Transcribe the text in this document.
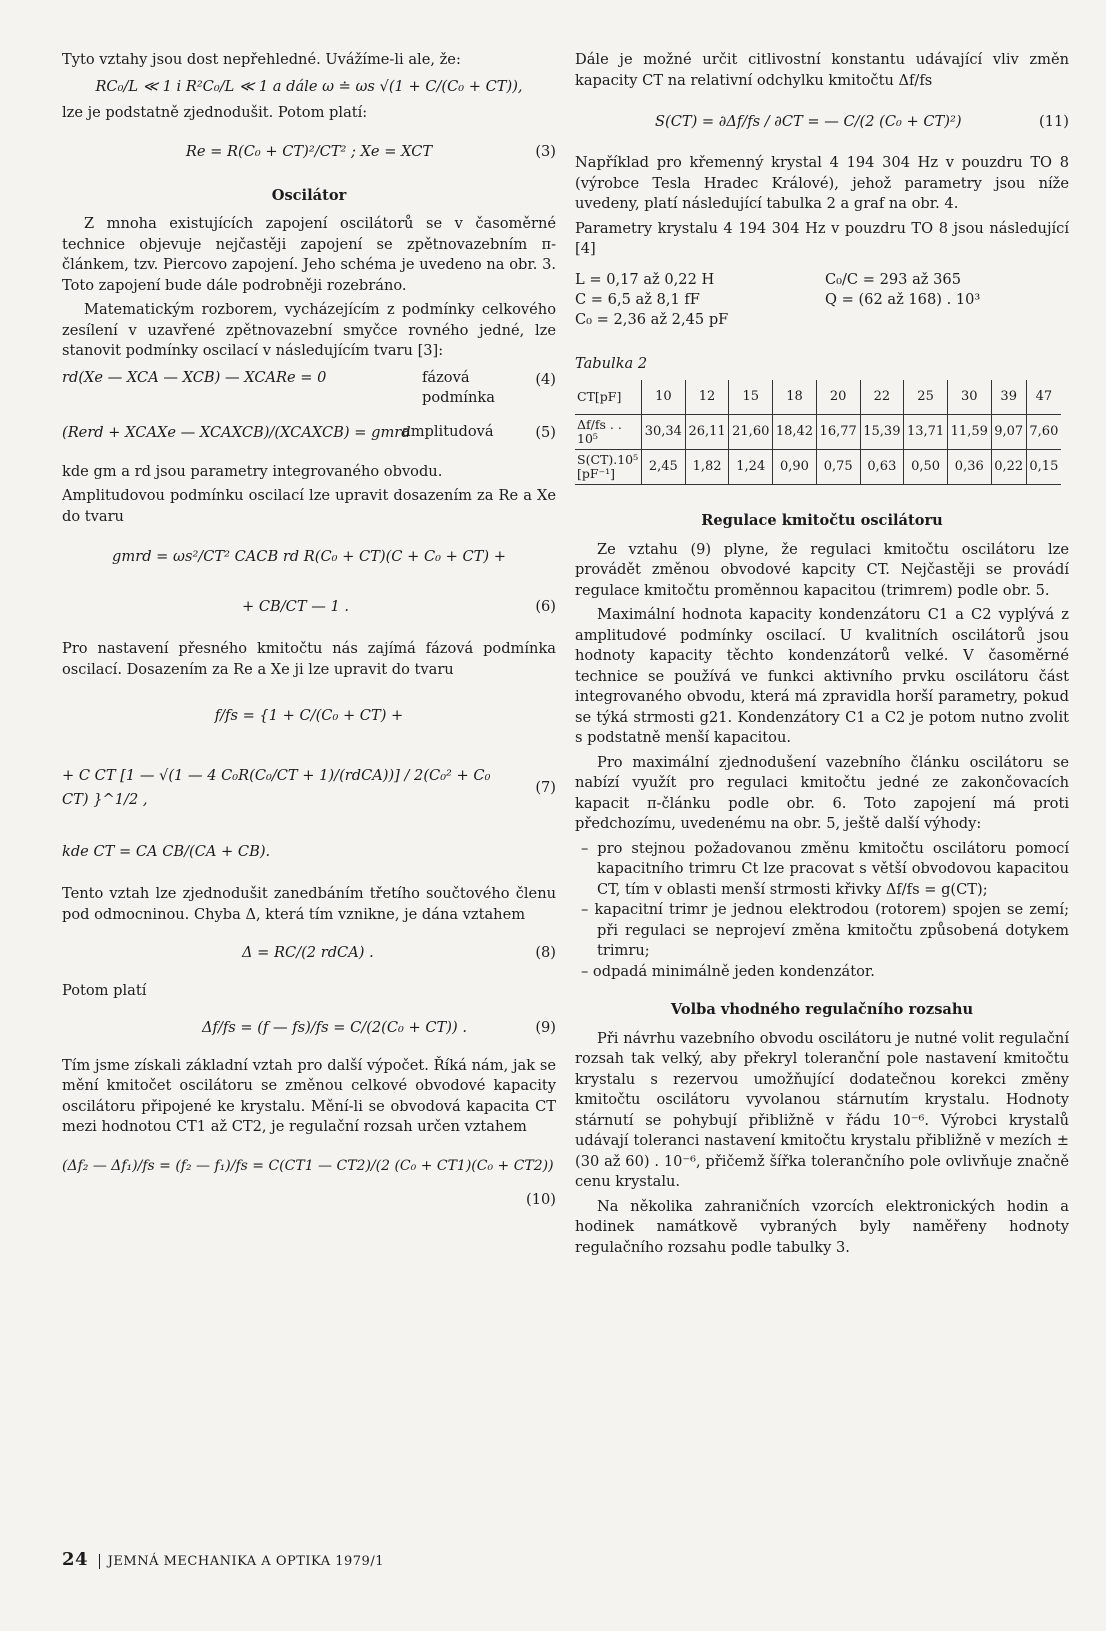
Tyto vztahy jsou dost nepřehledné. Uvážíme-li ale, že:

RC₀/L ≪ 1 i R²C₀/L ≪ 1 a dále ω ≐ ωs √(1 + C/(C₀ + CT)),

lze je podstatně zjednodušit. Potom platí:

Re = R(C₀ + CT)²/CT² ; Xe = XCT	(3)
Oscilátor

Z mnoha existujících zapojení oscilátorů se v časoměrné technice objevuje nejčastěji zapojení se zpětnovazebním π-článkem, tzv. Piercovo zapojení. Jeho schéma je uvedeno na obr. 3. Toto zapojení bude dále podrobněji rozebráno.

Matematickým rozborem, vycházejícím z podmínky celkového zesílení v uzavřené zpětnovazební smyčce rovného jedné, lze stanovit podmínky oscilací v následujícím tvaru [3]:

rd(Xe — XCA — XCB) — XCARe = 0	fázová podmínka
(4)
(Rerd + XCAXe — XCAXCB)/(XCAXCB) = gmrd
amplitudová	(5)

kde gm a rd jsou parametry integrovaného obvodu.

Amplitudovou podmínku oscilací lze upravit dosazením za Re a Xe do tvaru

gmrd = ωs²/CT² CACB rd R(C₀ + CT)(C + C₀ + CT) +
+ CB/CT — 1 .	(6)

Pro nastavení přesného kmitočtu nás zajímá fázová podmínka oscilací. Dosazením za Re a Xe ji lze upravit do tvaru

f/fs = {1 + C/(C₀ + CT) +
+ C CT [1 — √(1 — 4 C₀R(C₀/CT + 1)/(rdCA))] / 2(C₀² + C₀ CT) }^1/2 ,
(7)
kde CT = CA CB/(CA + CB).

Tento vztah lze zjednodušit zanedbáním třetího součtového členu pod odmocninou. Chyba Δ, která tím vznikne, je dána vztahem

Δ = RC/(2 rdCA) .	(8)

Potom platí

Δf/fs = (f — fs)/fs = C/(2(C₀ + CT)) .	(9)

Tím jsme získali základní vztah pro další výpočet. Říká nám, jak se mění kmitočet oscilátoru se změnou celkové obvodové kapacity oscilátoru připojené ke krystalu. Mění-li se obvodová kapacita CT mezi hodnotou CT1 až CT2, je regulační rozsah určen vztahem

(Δf₂ — Δf₁)/fs = (f₂ — f₁)/fs = C(CT1 — CT2)/(2 (C₀ + CT1)(C₀ + CT2))
(10)

Dále je možné určit citlivostní konstantu udávající vliv změn kapacity CT na relativní odchylku kmitočtu Δf/fs

S(CT) = ∂Δf/fs / ∂CT = — C/(2 (C₀ + CT)²)	(11)

Například pro křemenný krystal 4 194 304 Hz v pouzdru TO 8 (výrobce Tesla Hradec Králové), jehož parametry jsou níže uvedeny, platí následující tabulka 2 a graf na obr. 4.

Parametry krystalu 4 194 304 Hz v pouzdru TO 8 jsou následující [4]

L = 0,17 až 0,22 H	C₀/C = 293 až 365
C = 6,5 až 8,1 fF	Q = (62 až 168) . 10³
C₀ = 2,36 až 2,45 pF
Tabulka 2
CT[pF]	10	12	15	18	20	22	25	30	39	47
Δf/fs . . 10⁵	30,34	26,11	21,60	18,42	16,77	15,39	13,71	11,59	9,07	7,60
S(CT).10⁵ [pF⁻¹]	2,45	1,82	1,24	0,90	0,75	0,63	0,50	0,36	0,22	0,15
Regulace kmitočtu oscilátoru

Ze vztahu (9) plyne, že regulaci kmitočtu oscilátoru lze provádět změnou obvodové kapcity CT. Nejčastěji se provádí regulace kmitočtu proměnnou kapacitou (trimrem) podle obr. 5.

Maximální hodnota kapacity kondenzátoru C1 a C2 vyplývá z amplitudové podmínky oscilací. U kvalitních oscilátorů jsou hodnoty kapacity těchto kondenzátorů velké. V časoměrné technice se používá ve funkci aktivního prvku oscilátoru část integrovaného obvodu, která má zpravidla horší parametry, pokud se týká strmosti g21. Kondenzátory C1 a C2 je potom nutno zvolit s podstatně menší kapacitou.

Pro maximální zjednodušení vazebního článku oscilátoru se nabízí využít pro regulaci kmitočtu jedné ze zakončovacích kapacit π-článku podle obr. 6. Toto zapojení má proti předchozímu, uvedenému na obr. 5, ještě další výhody:

– pro stejnou požadovanou změnu kmitočtu oscilátoru pomocí kapacitního trimru Ct lze pracovat s větší obvodovou kapacitou CT, tím v oblasti menší strmosti křivky Δf/fs = g(CT);
– kapacitní trimr je jednou elektrodou (rotorem) spojen se zemí; při regulaci se neprojeví změna kmitočtu způsobená dotykem trimru;
– odpadá minimálně jeden kondenzátor.
Volba vhodného regulačního rozsahu

Při návrhu vazebního obvodu oscilátoru je nutné volit regulační rozsah tak velký, aby překryl toleranční pole nastavení kmitočtu krystalu s rezervou umožňující dodatečnou korekci změny kmitočtu oscilátoru vyvolanou stárnutím krystalu. Hodnoty stárnutí se pohybují přibližně v řádu 10⁻⁶. Výrobci krystalů udávají toleranci nastavení kmitočtu krystalu přibližně v mezích ±(30 až 60) . 10⁻⁶, přičemž šířka tolerančního pole ovlivňuje značně cenu krystalu.

Na několika zahraničních vzorcích elektronických hodin a hodinek namátkově vybraných byly naměřeny hodnoty regulačního rozsahu podle tabulky 3.

24 JEMNÁ MECHANIKA A OPTIKA 1979/1
